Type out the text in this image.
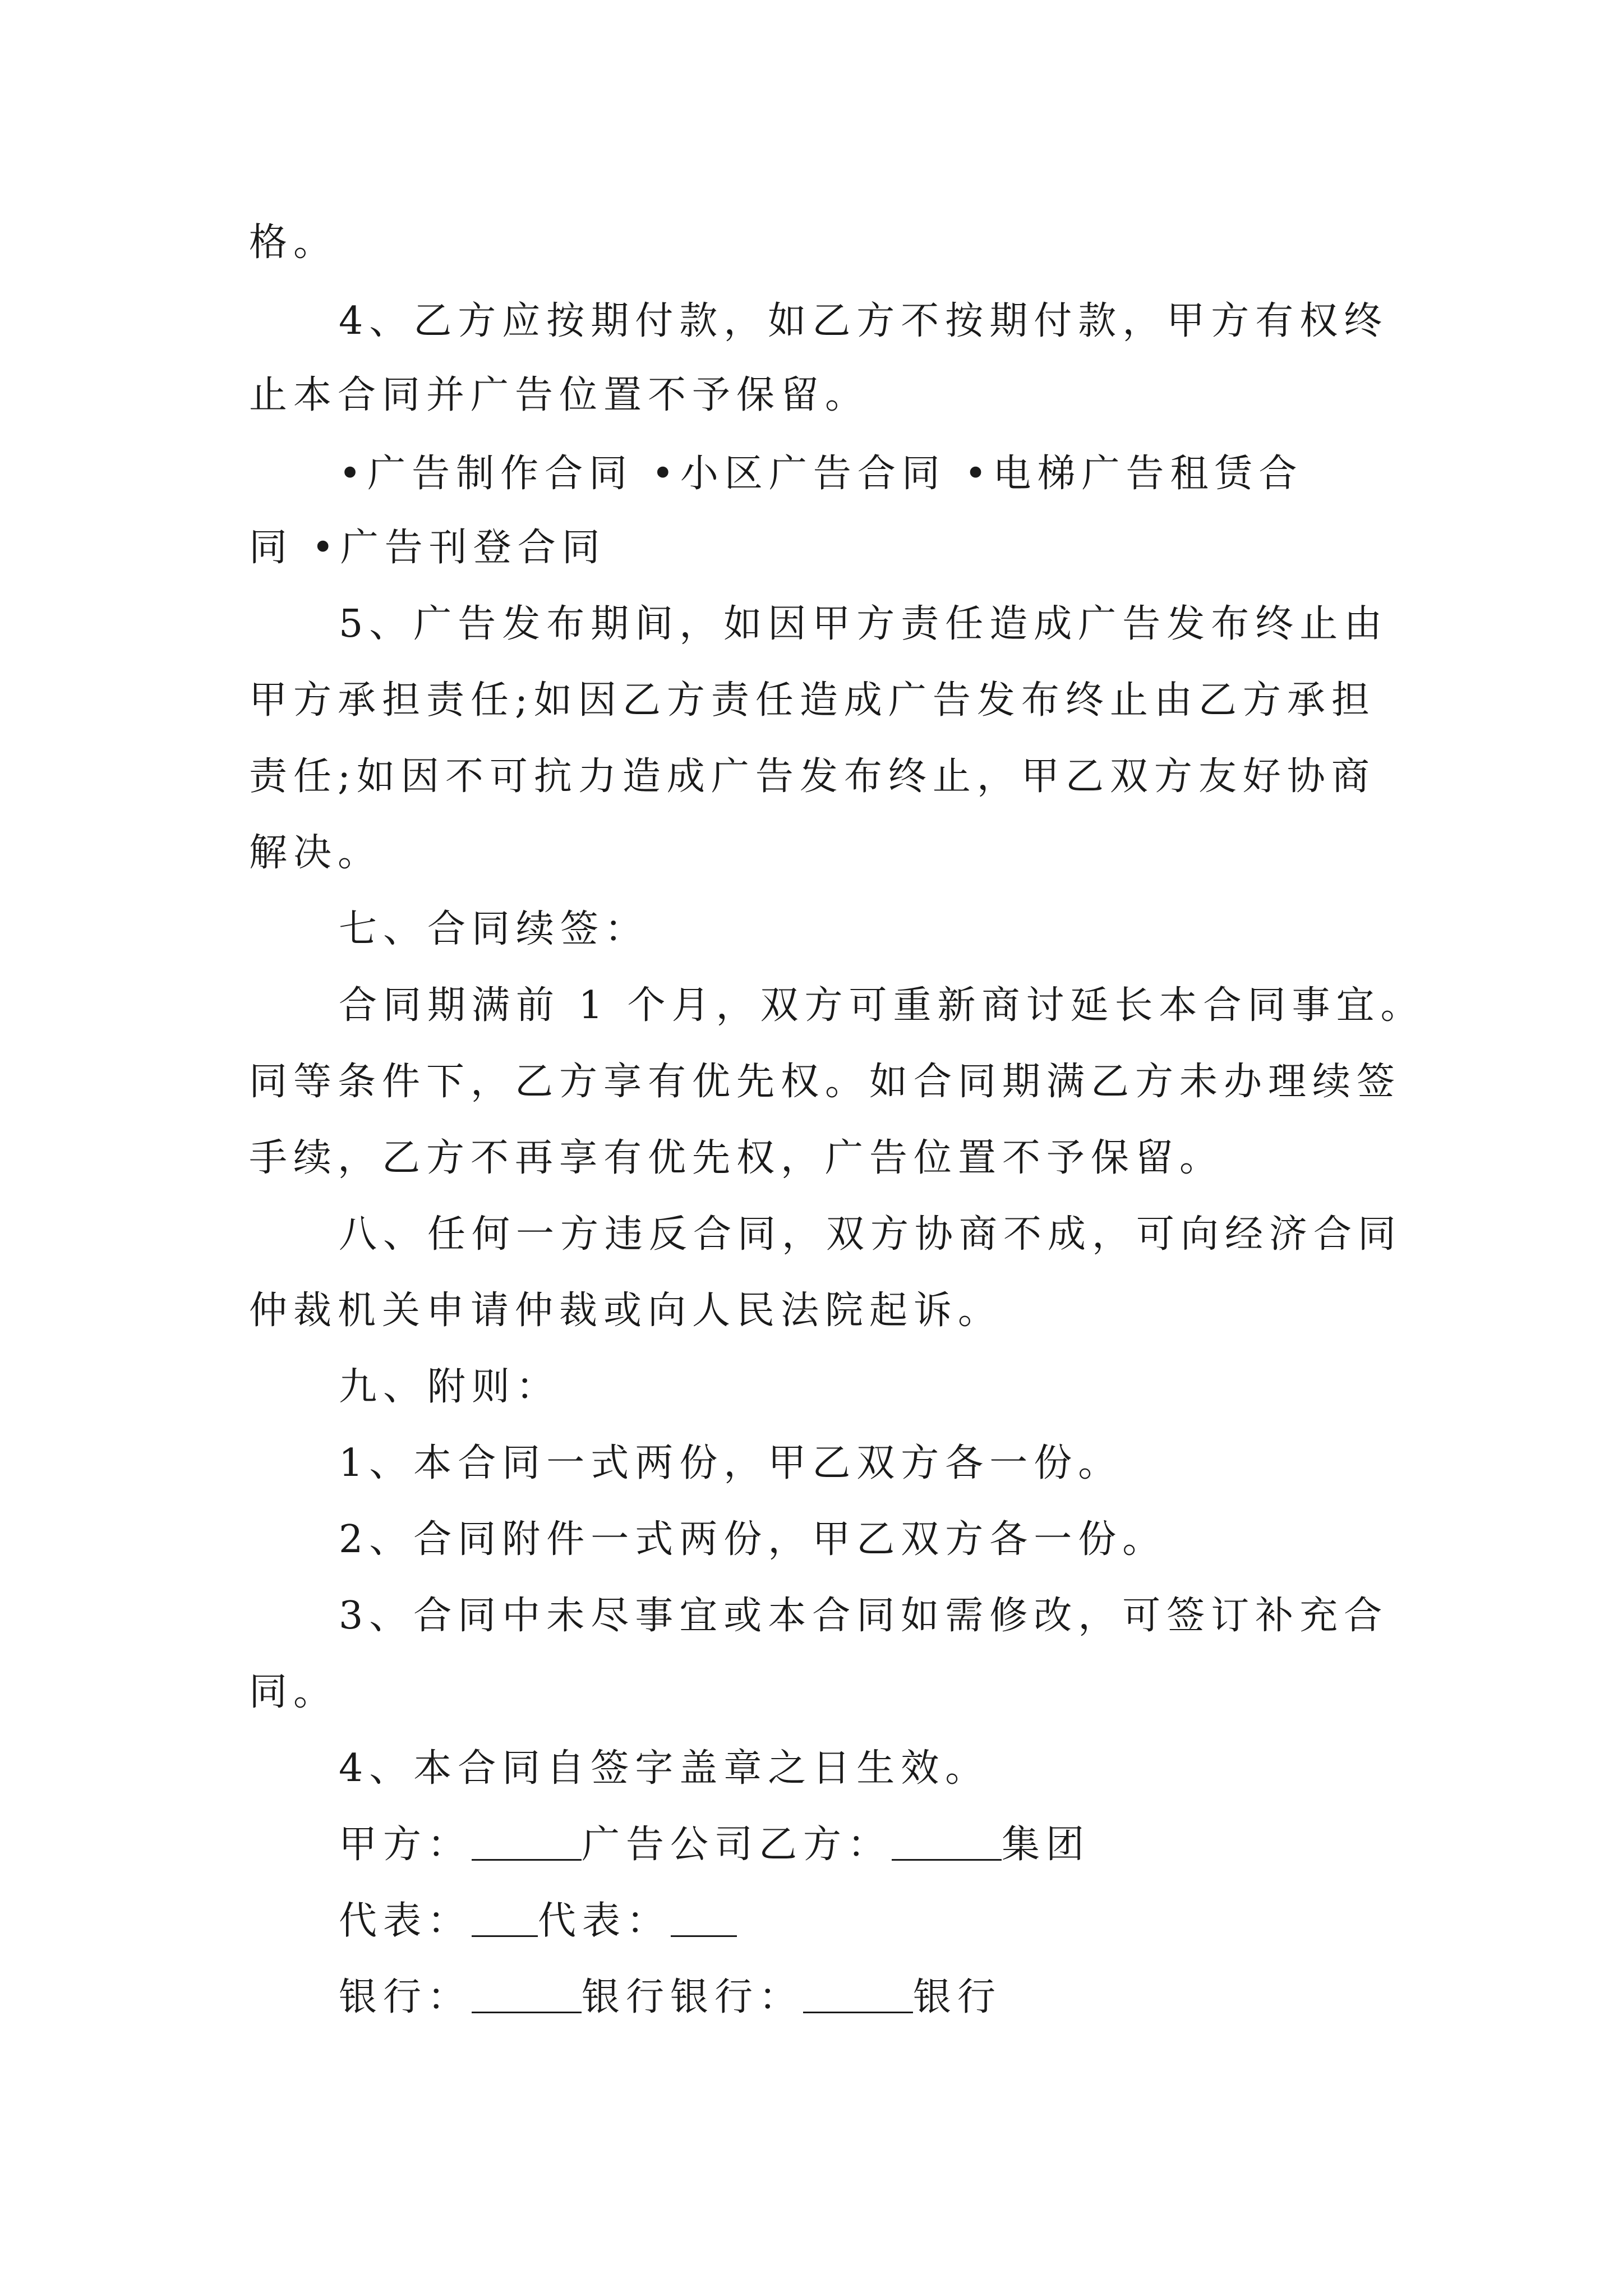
格。
4、乙方应按期付款，如乙方不按期付款，甲方有权终
止本合同并广告位置不予保留。
•广告制作合同 •小区广告合同 •电梯广告租赁合
同 •广告刊登合同
5、广告发布期间，如因甲方责任造成广告发布终止由
甲方承担责任;如因乙方责任造成广告发布终止由乙方承担
责任;如因不可抗力造成广告发布终止，甲乙双方友好协商
解决。
七、合同续签：
合同期满前 1 个月，双方可重新商讨延长本合同事宜。
同等条件下，乙方享有优先权。如合同期满乙方未办理续签
手续，乙方不再享有优先权，广告位置不予保留。
八、任何一方违反合同，双方协商不成，可向经济合同
仲裁机关申请仲裁或向人民法院起诉。
九、附则：
1、本合同一式两份，甲乙双方各一份。
2、合同附件一式两份，甲乙双方各一份。
3、合同中未尽事宜或本合同如需修改，可签订补充合
同。
4、本合同自签字盖章之日生效。
甲方：	广告公司乙方：	集团
代表： 代表：
银行：	银行银行：	银行
